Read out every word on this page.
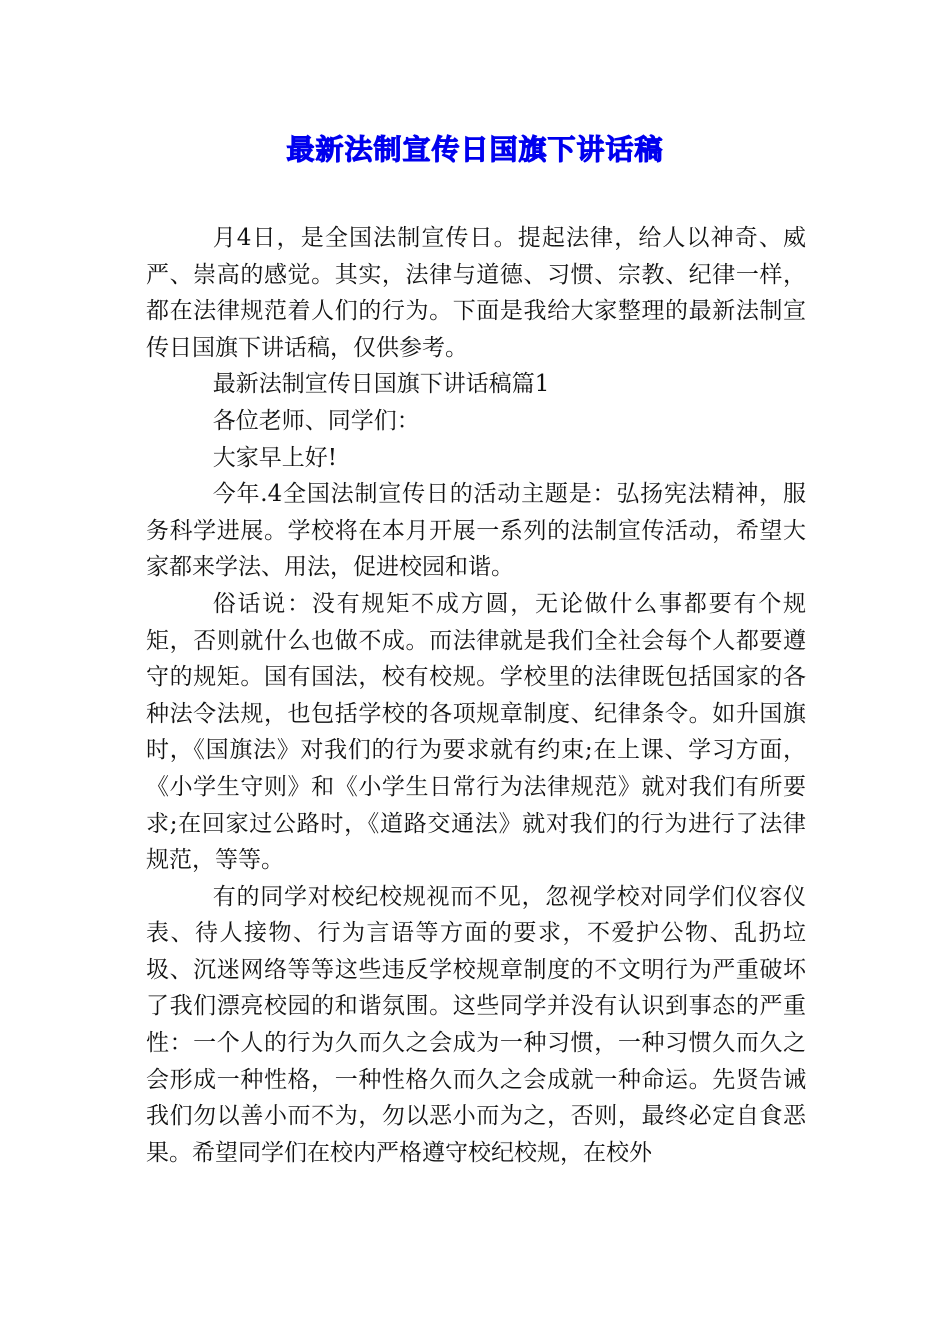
最新法制宣传日国旗下讲话稿

月4日，是全国法制宣传日。提起法律，给人以神奇、威严、崇高的感觉。其实，法律与道德、习惯、宗教、纪律一样，都在法律规范着人们的行为。下面是我给大家整理的最新法制宣传日国旗下讲话稿，仅供参考。

最新法制宣传日国旗下讲话稿篇1

各位老师、同学们：

大家早上好!

今年.4全国法制宣传日的活动主题是：弘扬宪法精神，服务科学进展。学校将在本月开展一系列的法制宣传活动，希望大家都来学法、用法，促进校园和谐。

俗话说：没有规矩不成方圆，无论做什么事都要有个规矩，否则就什么也做不成。而法律就是我们全社会每个人都要遵守的规矩。国有国法，校有校规。学校里的法律既包括国家的各种法令法规，也包括学校的各项规章制度、纪律条令。如升国旗时，《国旗法》对我们的行为要求就有约束;在上课、学习方面，《小学生守则》和《小学生日常行为法律规范》就对我们有所要求;在回家过公路时，《道路交通法》就对我们的行为进行了法律规范，等等。

有的同学对校纪校规视而不见，忽视学校对同学们仪容仪表、待人接物、行为言语等方面的要求，不爱护公物、乱扔垃圾、沉迷网络等等这些违反学校规章制度的不文明行为严重破坏了我们漂亮校园的和谐氛围。这些同学并没有认识到事态的严重性：一个人的行为久而久之会成为一种习惯，一种习惯久而久之会形成一种性格，一种性格久而久之会成就一种命运。先贤告诫我们勿以善小而不为，勿以恶小而为之，否则，最终必定自食恶果。希望同学们在校内严格遵守校纪校规，在校外
